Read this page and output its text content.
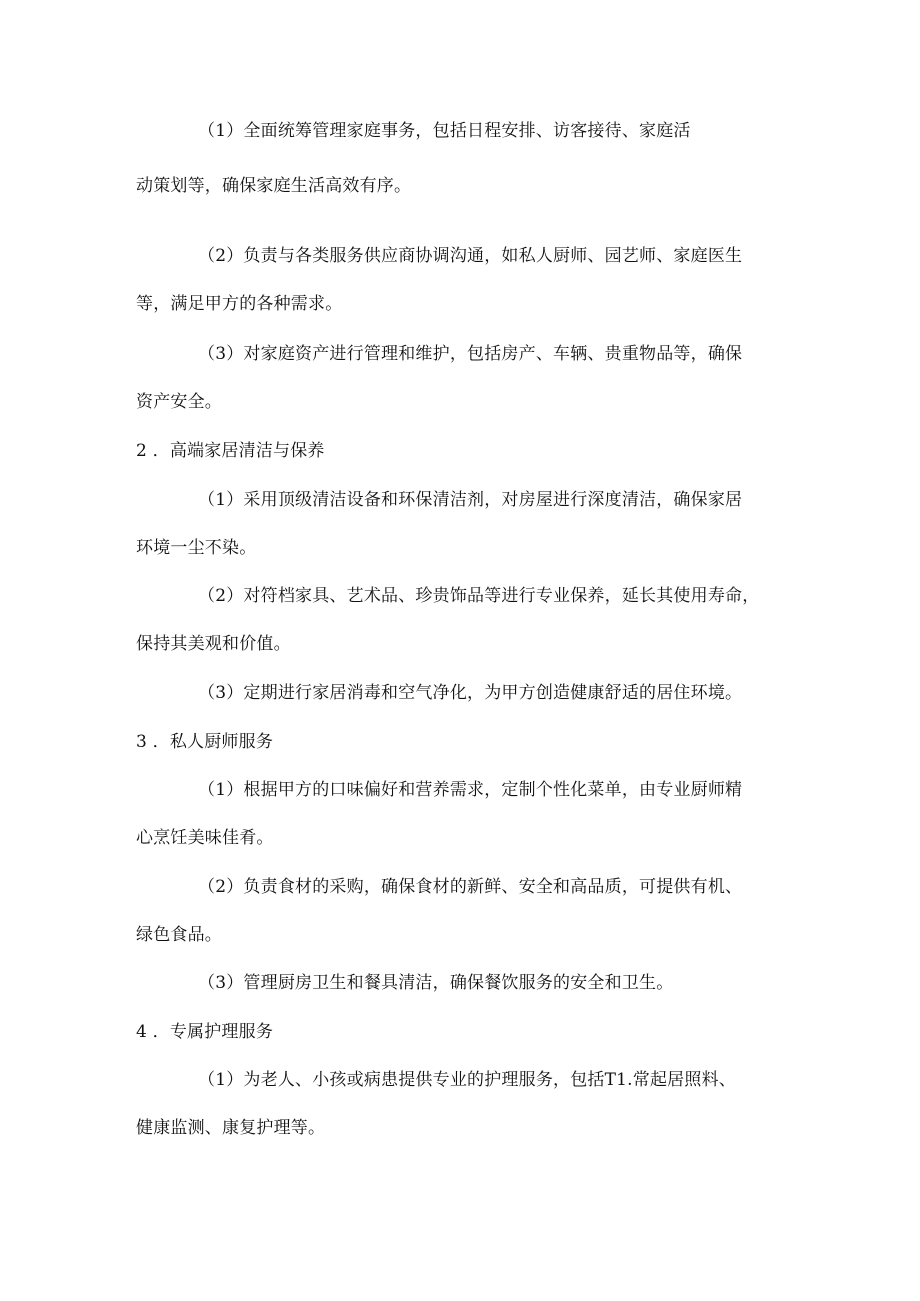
（1）全面统筹管理家庭事务，包括日程安排、访客接待、家庭活
动策划等，确保家庭生活高效有序。
（2）负责与各类服务供应商协调沟通，如私人厨师、园艺师、家庭医生
等，满足甲方的各种需求。
（3）对家庭资产进行管理和维护，包括房产、车辆、贵重物品等，确保
资产安全。
2 ．高端家居清洁与保养
（1）采用顶级清洁设备和环保清洁剂，对房屋进行深度清洁，确保家居
环境一尘不染。
（2）对符档家具、艺术品、珍贵饰品等进行专业保养，延长其使用寿命，
保持其美观和价值。
（3）定期进行家居消毒和空气净化，为甲方创造健康舒适的居住环境。
3 ．私人厨师服务
（1）根据甲方的口味偏好和营养需求，定制个性化菜单，由专业厨师精
心烹饪美味佳肴。
（2）负责食材的采购，确保食材的新鲜、安全和高品质，可提供有机、
绿色食品。
（3）管理厨房卫生和餐具清洁，确保餐饮服务的安全和卫生。
4 ．专属护理服务
（1）为老人、小孩或病患提供专业的护理服务，包括T1.常起居照料、
健康监测、康复护理等。
